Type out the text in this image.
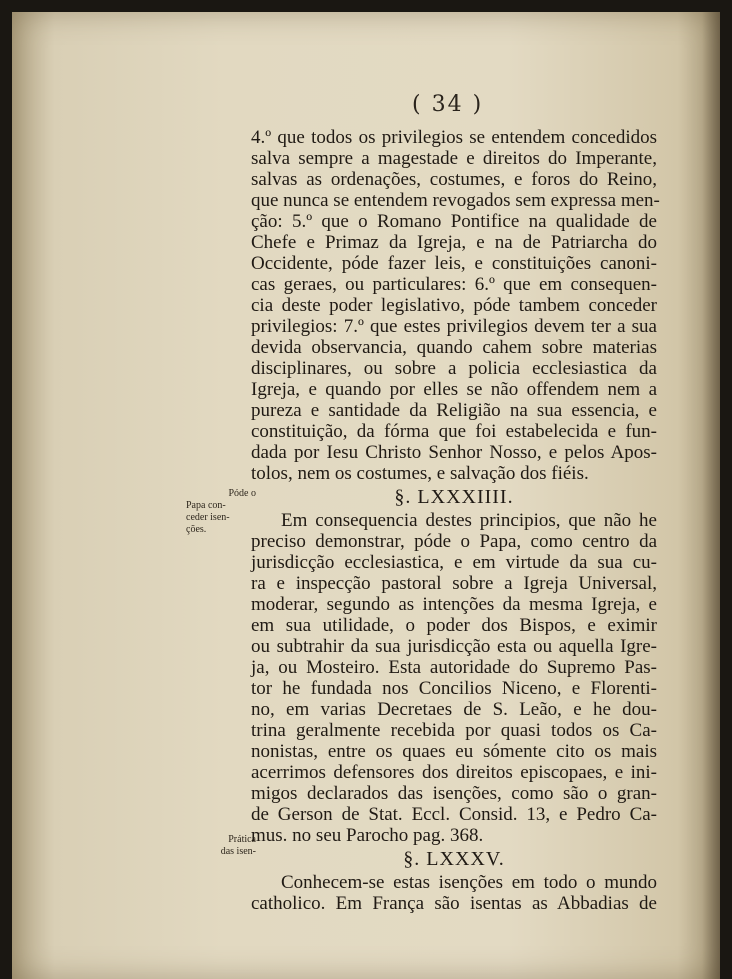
( 34 )
4.º que todos os privilegios se entendem concedidos
salva sempre a magestade e direitos do Imperante,
salvas as ordenações, costumes, e foros do Reino,
que nunca se entendem revogados sem expressa men-
ção: 5.º que o Romano Pontifice na qualidade de
Chefe e Primaz da Igreja, e na de Patriarcha do
Occidente, póde fazer leis, e constituições canoni-
cas geraes, ou particulares: 6.º que em consequen-
cia deste poder legislativo, póde tambem conceder
privilegios: 7.º que estes privilegios devem ter a sua
devida observancia, quando cahem sobre materias
disciplinares, ou sobre a policia ecclesiastica da
Igreja, e quando por elles se não offendem nem a
pureza e santidade da Religião na sua essencia, e
constituição, da fórma que foi estabelecida e fun-
dada por Iesu Christo Senhor Nosso, e pelos Apos-
tolos, nem os costumes, e salvação dos fiéis.
§. LXXXIIII.
Em consequencia destes principios, que não he
preciso demonstrar, póde o Papa, como centro da
jurisdicção ecclesiastica, e em virtude da sua cu-
ra e inspecção pastoral sobre a Igreja Universal,
moderar, segundo as intenções da mesma Igreja, e
em sua utilidade, o poder dos Bispos, e eximir
ou subtrahir da sua jurisdicção esta ou aquella Igre-
ja, ou Mosteiro. Esta autoridade do Supremo Pas-
tor he fundada nos Concilios Niceno, e Florenti-
no, em varias Decretaes de S. Leão, e he dou-
trina geralmente recebida por quasi todos os Ca-
nonistas, entre os quaes eu sómente cito os mais
acerrimos defensores dos direitos episcopaes, e ini-
migos declarados das isenções, como são o gran-
de Gerson de Stat. Eccl. Consid. 13, e Pedro Ca-
mus. no seu Parocho pag. 368.
§. LXXXV.
Conhecem-se estas isenções em todo o mundo
catholico. Em França são isentas as Abbadias de
Póde o
Papa con-
ceder isen-
ções.
Prática
das isen-
